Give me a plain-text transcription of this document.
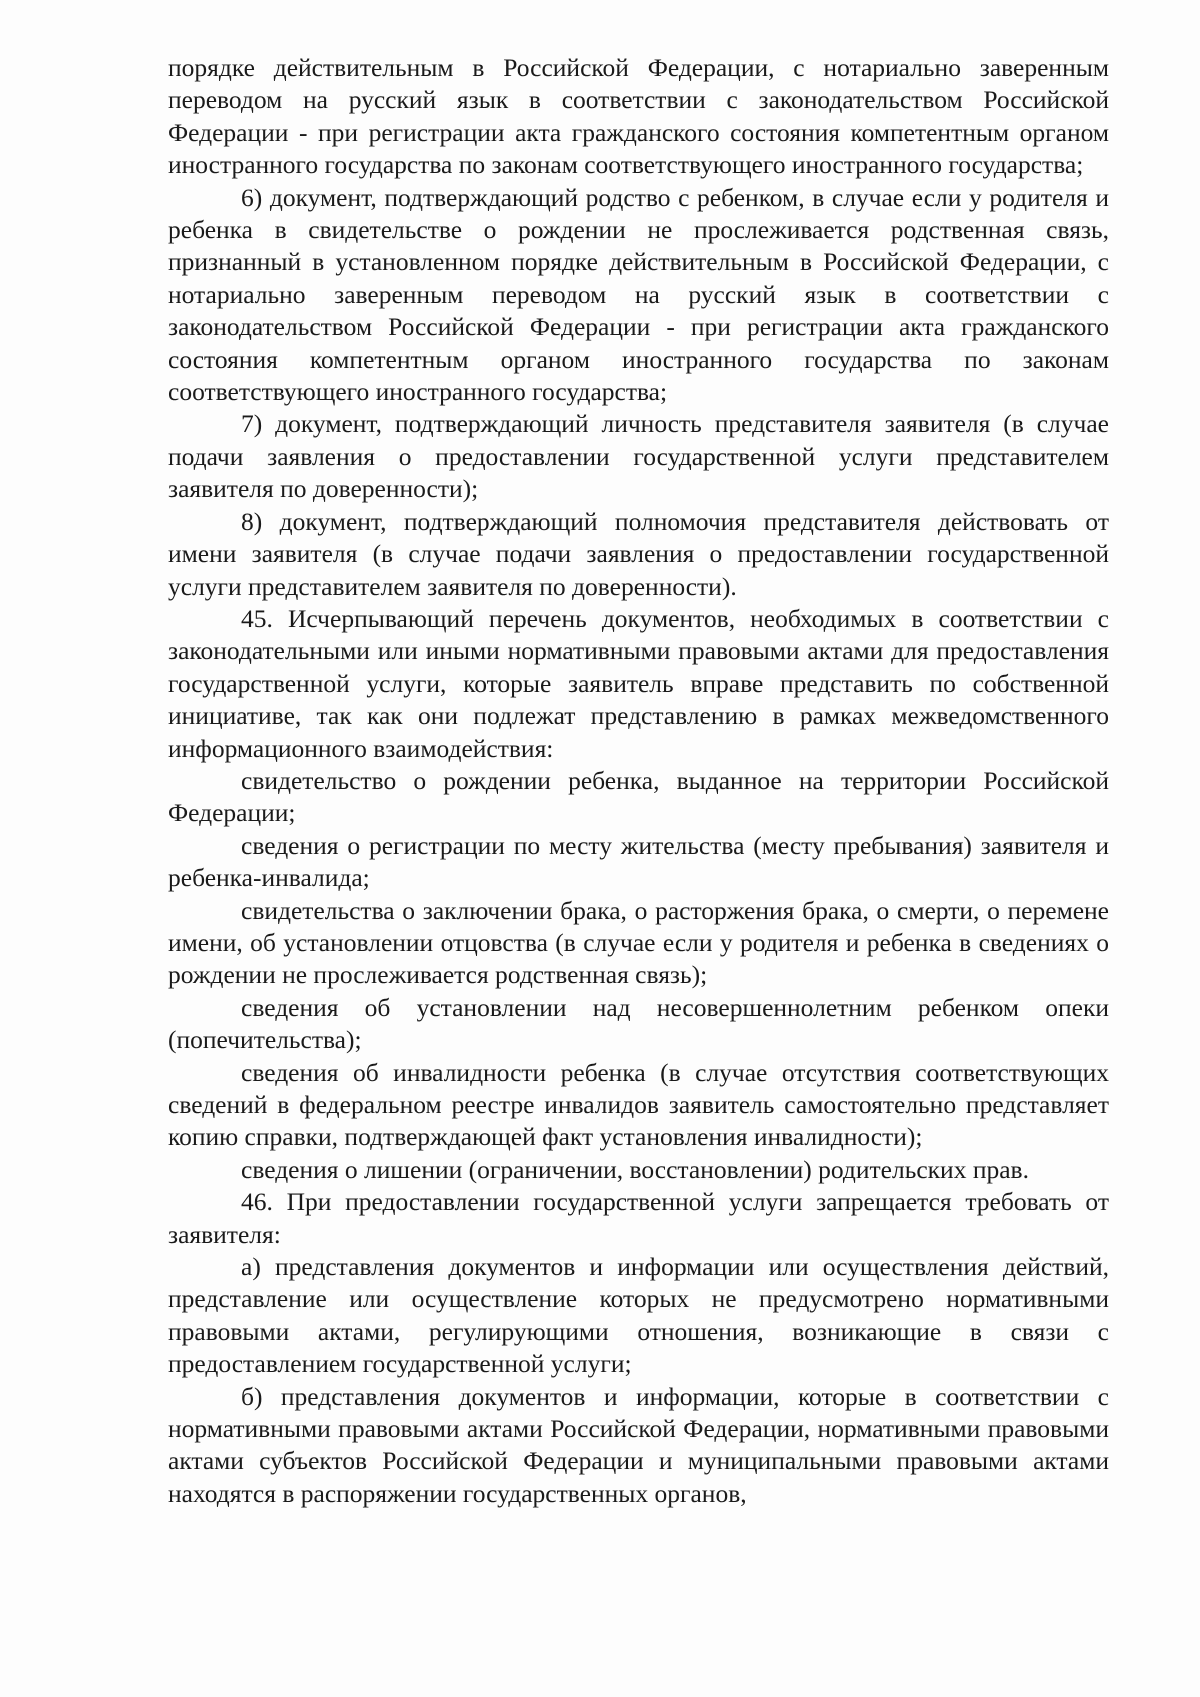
порядке действительным в Российской Федерации, с нотариально заверенным переводом на русский язык в соответствии с законодательством Российской Федерации - при регистрации акта гражданского состояния компетентным органом иностранного государства по законам соответствующего иностранного государства;

6) документ, подтверждающий родство с ребенком, в случае если у родителя и ребенка в свидетельстве о рождении не прослеживается родственная связь, признанный в установленном порядке действительным в Российской Федерации, с нотариально заверенным переводом на русский язык в соответствии с законодательством Российской Федерации - при регистрации акта гражданского состояния компетентным органом иностранного государства по законам соответствующего иностранного государства;

7) документ, подтверждающий личность представителя заявителя (в случае подачи заявления о предоставлении государственной услуги представителем заявителя по доверенности);

8) документ, подтверждающий полномочия представителя действовать от имени заявителя (в случае подачи заявления о предоставлении государственной услуги представителем заявителя по доверенности).

45. Исчерпывающий перечень документов, необходимых в соответствии с законодательными или иными нормативными правовыми актами для предоставления государственной услуги, которые заявитель вправе представить по собственной инициативе, так как они подлежат представлению в рамках межведомственного информационного взаимодействия:

свидетельство о рождении ребенка, выданное на территории Российской Федерации;

сведения о регистрации по месту жительства (месту пребывания) заявителя и ребенка-инвалида;

свидетельства о заключении брака, о расторжения брака, о смерти, о перемене имени, об установлении отцовства (в случае если у родителя и ребенка в сведениях о рождении не прослеживается родственная связь);

сведения об установлении над несовершеннолетним ребенком опеки (попечительства);

сведения об инвалидности ребенка (в случае отсутствия соответствующих сведений в федеральном реестре инвалидов заявитель самостоятельно представляет копию справки, подтверждающей факт установления инвалидности);

сведения о лишении (ограничении, восстановлении) родительских прав.

46. При предоставлении государственной услуги запрещается требовать от заявителя:

а) представления документов и информации или осуществления действий, представление или осуществление которых не предусмотрено нормативными правовыми актами, регулирующими отношения, возникающие в связи с предоставлением государственной услуги;

б) представления документов и информации, которые в соответствии с нормативными правовыми актами Российской Федерации, нормативными правовыми актами субъектов Российской Федерации и муниципальными правовыми актами находятся в распоряжении государственных органов,
